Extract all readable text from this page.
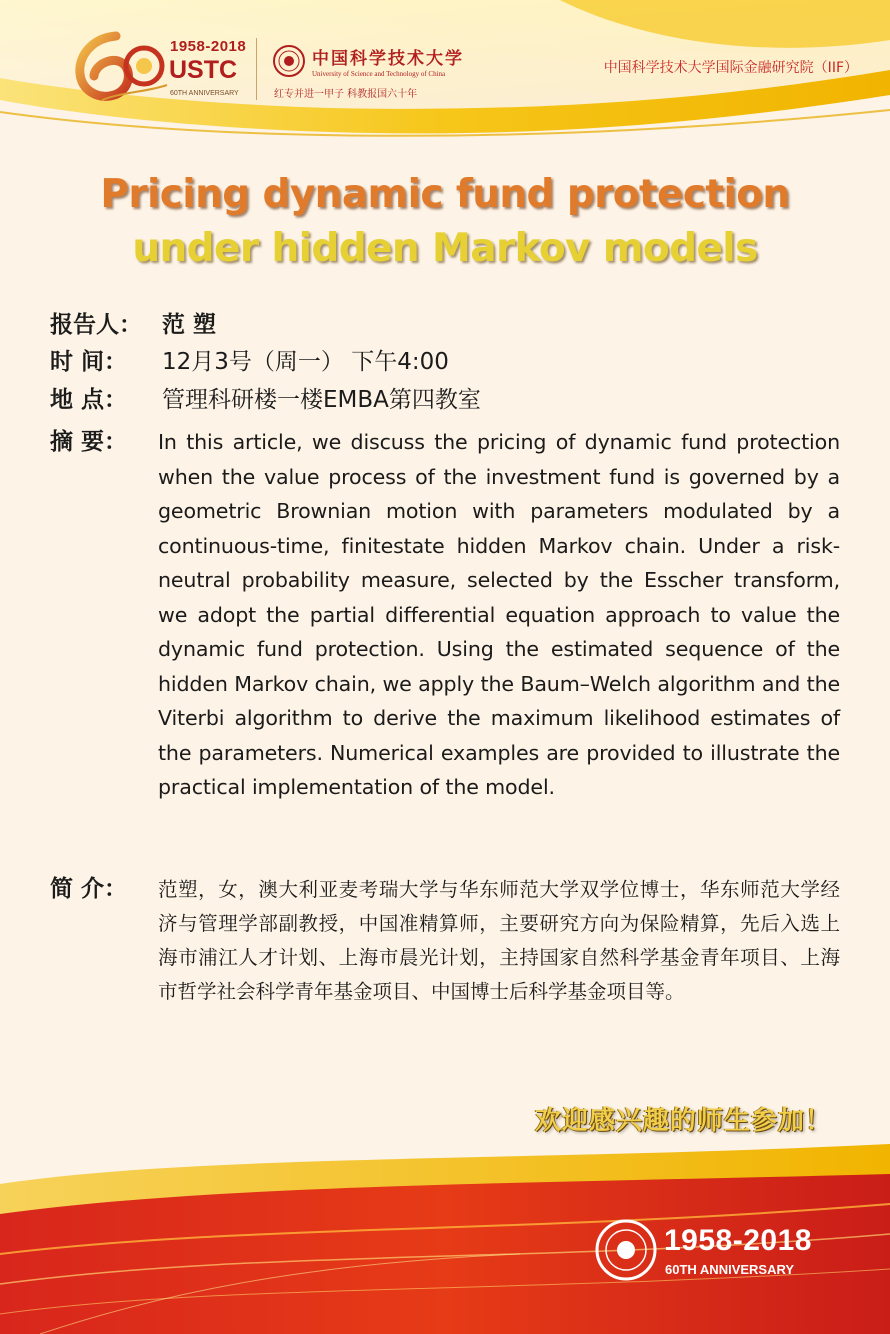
1958-2018
USTC
60TH ANNIVERSARY
中国科学技术大学
University of Science and Technology of China
红专并进一甲子 科教报国六十年
中国科学技术大学国际金融研究院（IIF）
Pricing dynamic fund protection
under hidden Markov models
报告人： 范 塑
时 间：	12月3号（周一） 下午4:00
地 点：	管理科研楼一楼EMBA第四教室
摘 要：	In this article, we discuss the pricing of dynamic fund protection when the value process of the investment fund is governed by a geometric Brownian motion with parameters modulated by a continuous-time, finitestate hidden Markov chain. Under a risk-neutral probability measure, selected by the Esscher transform, we adopt the partial differential equation approach to value the dynamic fund protection. Using the estimated sequence of the hidden Markov chain, we apply the Baum–Welch algorithm and the Viterbi algorithm to derive the maximum likelihood estimates of the parameters. Numerical examples are provided to illustrate the practical implementation of the model.
简 介：	范塑，女，澳大利亚麦考瑞大学与华东师范大学双学位博士，华东师范大学经济与管理学部副教授，中国准精算师，主要研究方向为保险精算，先后入选上海市浦江人才计划、上海市晨光计划，主持国家自然科学基金青年项目、上海市哲学社会科学青年基金项目、中国博士后科学基金项目等。
欢迎感兴趣的师生参加！
1958-2018
60TH ANNIVERSARY
